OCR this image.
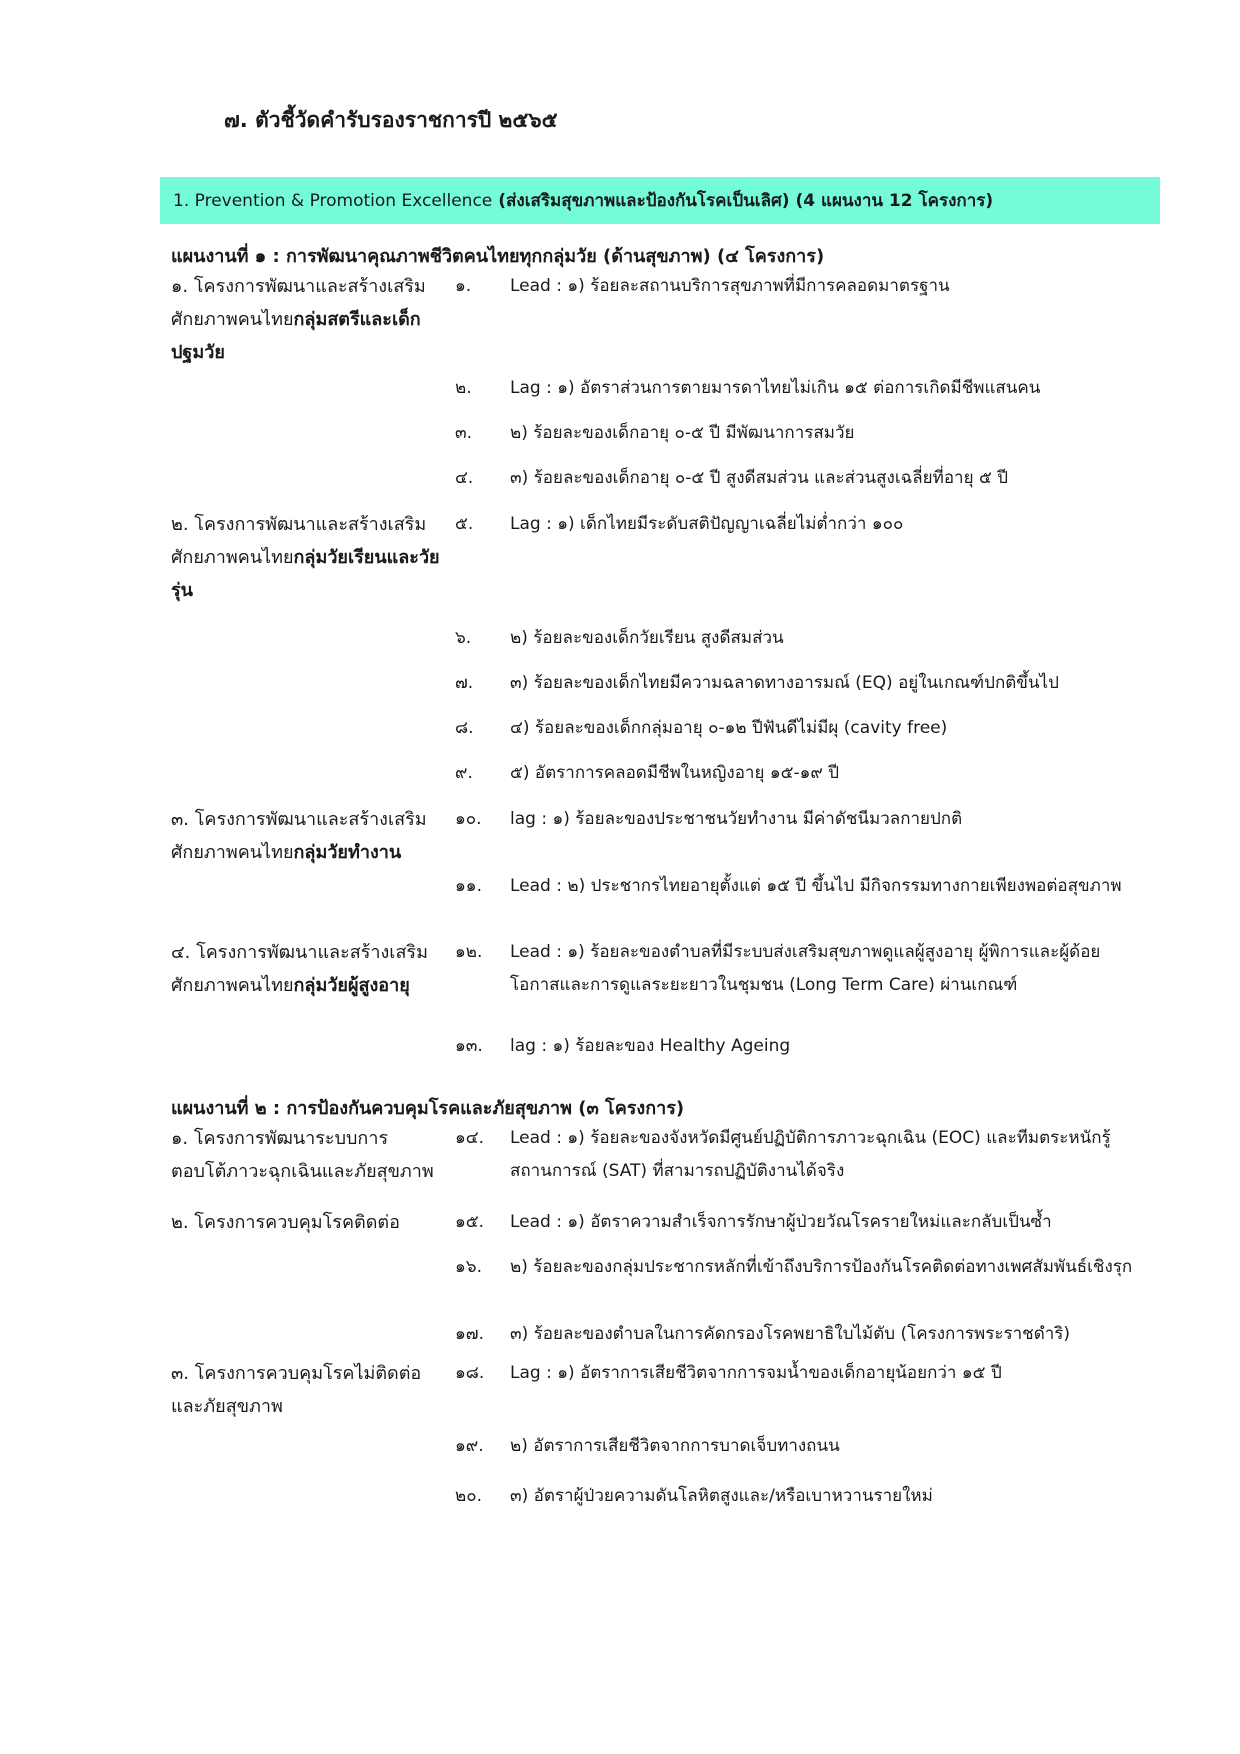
๗. ตัวชี้วัดคำรับรองราชการปี ๒๕๖๕
1. Prevention & Promotion Excellence (ส่งเสริมสุขภาพและป้องกันโรคเป็นเลิศ) (4 แผนงาน 12 โครงการ)
แผนงานที่ ๑ : การพัฒนาคุณภาพชีวิตคนไทยทุกกลุ่มวัย (ด้านสุขภาพ) (๔ โครงการ)
๑. โครงการพัฒนาและสร้างเสริมศักยภาพคนไทยกลุ่มสตรีและเด็กปฐมวัย
๑. Lead : ๑) ร้อยละสถานบริการสุขภาพที่มีการคลอดมาตรฐาน
๒. Lag : ๑) อัตราส่วนการตายมารดาไทยไม่เกิน ๑๕ ต่อการเกิดมีชีพแสนคน
๓. ๒) ร้อยละของเด็กอายุ ๐-๕ ปี มีพัฒนาการสมวัย
๔. ๓) ร้อยละของเด็กอายุ ๐-๕ ปี สูงดีสมส่วน และส่วนสูงเฉลี่ยที่อายุ ๕ ปี
๒. โครงการพัฒนาและสร้างเสริมศักยภาพคนไทยกลุ่มวัยเรียนและวัยรุ่น
๕. Lag : ๑) เด็กไทยมีระดับสติปัญญาเฉลี่ยไม่ต่ำกว่า ๑๐๐
๖. ๒) ร้อยละของเด็กวัยเรียน สูงดีสมส่วน
๗. ๓) ร้อยละของเด็กไทยมีความฉลาดทางอารมณ์ (EQ) อยู่ในเกณฑ์ปกติขึ้นไป
๘. ๔) ร้อยละของเด็กกลุ่มอายุ ๐-๑๒ ปีฟันดีไม่มีผุ (cavity free)
๙. ๕) อัตราการคลอดมีชีพในหญิงอายุ ๑๕-๑๙ ปี
๓. โครงการพัฒนาและสร้างเสริมศักยภาพคนไทยกลุ่มวัยทำงาน
๑๐. lag : ๑) ร้อยละของประชาชนวัยทำงาน มีค่าดัชนีมวลกายปกติ
๑๑. Lead : ๒) ประชากรไทยอายุตั้งแต่ ๑๕ ปี ขึ้นไป มีกิจกรรมทางกายเพียงพอต่อสุขภาพ
๔. โครงการพัฒนาและสร้างเสริมศักยภาพคนไทยกลุ่มวัยผู้สูงอายุ
๑๒. Lead : ๑) ร้อยละของตำบลที่มีระบบส่งเสริมสุขภาพดูแลผู้สูงอายุ ผู้พิการและผู้ด้อยโอกาสและการดูแลระยะยาวในชุมชน (Long Term Care) ผ่านเกณฑ์
๑๓. lag : ๑) ร้อยละของ Healthy Ageing
แผนงานที่ ๒ : การป้องกันควบคุมโรคและภัยสุขภาพ (๓ โครงการ)
๑. โครงการพัฒนาระบบการตอบโต้ภาวะฉุกเฉินและภัยสุขภาพ
๑๔. Lead : ๑) ร้อยละของจังหวัดมีศูนย์ปฏิบัติการภาวะฉุกเฉิน (EOC) และทีมตระหนักรู้สถานการณ์ (SAT) ที่สามารถปฏิบัติงานได้จริง
๒. โครงการควบคุมโรคติดต่อ	๑๕. Lead : ๑) อัตราความสำเร็จการรักษาผู้ป่วยวัณโรครายใหม่และกลับเป็นซ้ำ
๑๖. ๒) ร้อยละของกลุ่มประชากรหลักที่เข้าถึงบริการป้องกันโรคติดต่อทางเพศสัมพันธ์เชิงรุก
๑๗. ๓) ร้อยละของตำบลในการคัดกรองโรคพยาธิใบไม้ตับ (โครงการพระราชดำริ)
๓. โครงการควบคุมโรคไม่ติดต่อและภัยสุขภาพ
๑๘. Lag : ๑) อัตราการเสียชีวิตจากการจมน้ำของเด็กอายุน้อยกว่า ๑๕ ปี
๑๙. ๒) อัตราการเสียชีวิตจากการบาดเจ็บทางถนน
๒๐. ๓) อัตราผู้ป่วยความดันโลหิตสูงและ/หรือเบาหวานรายใหม่
